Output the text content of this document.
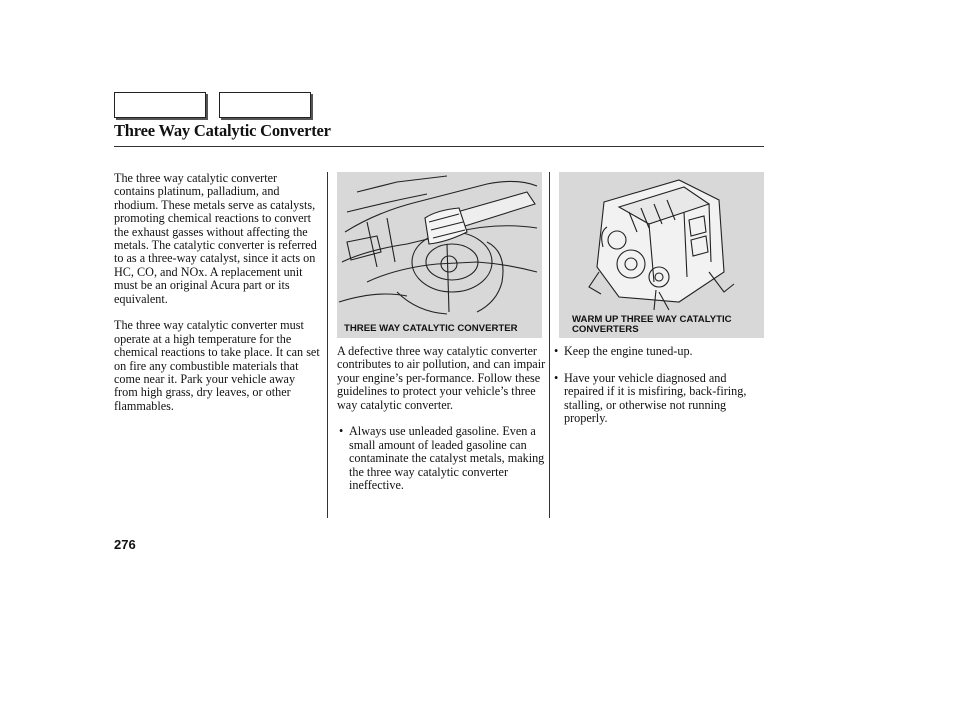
Three Way Catalytic Converter

The three way catalytic converter contains platinum, palladium, and rhodium. These metals serve as catalysts, promoting chemical reactions to convert the exhaust gasses without affecting the metals. The catalytic converter is referred to as a three-way catalyst, since it acts on HC, CO, and NOx. A replacement unit must be an original Acura part or its equivalent.

The three way catalytic converter must operate at a high temperature for the chemical reactions to take place. It can set on fire any combustible materials that come near it. Park your vehicle away from high grass, dry leaves, or other flammables.

THREE WAY CATALYTIC CONVERTER
WARM UP THREE WAY CATALYTIC CONVERTERS

A defective three way catalytic converter contributes to air pollution, and can impair your engine’s per-formance. Follow these guidelines to protect your vehicle’s three way catalytic converter.

• Always use unleaded gasoline. Even a small amount of leaded gasoline can contaminate the catalyst metals, making the three way catalytic converter ineffective.

• Keep the engine tuned-up.

• Have your vehicle diagnosed and repaired if it is misfiring, back-firing, stalling, or otherwise not running properly.

276
